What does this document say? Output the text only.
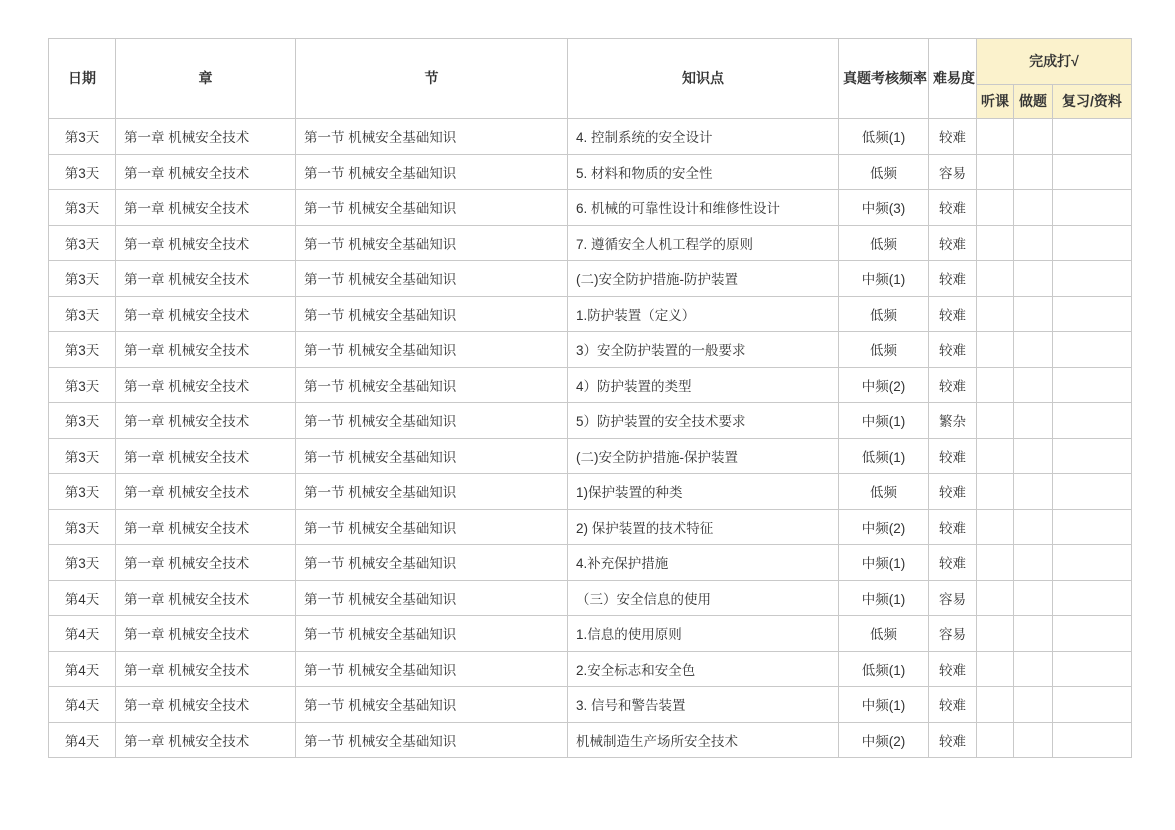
日期	章	节	知识点	真题考核频率	难易度	完成打√		
						听课	做题	复习/资料
第3天	第一章 机械安全技术	第一节 机械安全基础知识	4. 控制系统的安全设计	低频(1)	较难			
第3天	第一章 机械安全技术	第一节 机械安全基础知识	5. 材料和物质的安全性	低频	容易			
第3天	第一章 机械安全技术	第一节 机械安全基础知识	6. 机械的可靠性设计和维修性设计	中频(3)	较难			
第3天	第一章 机械安全技术	第一节 机械安全基础知识	7. 遵循安全人机工程学的原则	低频	较难			
第3天	第一章 机械安全技术	第一节 机械安全基础知识	(二)安全防护措施-防护装置	中频(1)	较难			
第3天	第一章 机械安全技术	第一节 机械安全基础知识	1.防护装置（定义）	低频	较难			
第3天	第一章 机械安全技术	第一节 机械安全基础知识	3）安全防护装置的一般要求	低频	较难			
第3天	第一章 机械安全技术	第一节 机械安全基础知识	4）防护装置的类型	中频(2)	较难			
第3天	第一章 机械安全技术	第一节 机械安全基础知识	5）防护装置的安全技术要求	中频(1)	繁杂			
第3天	第一章 机械安全技术	第一节 机械安全基础知识	(二)安全防护措施-保护装置	低频(1)	较难			
第3天	第一章 机械安全技术	第一节 机械安全基础知识	1)保护装置的种类	低频	较难			
第3天	第一章 机械安全技术	第一节 机械安全基础知识	2) 保护装置的技术特征	中频(2)	较难			
第3天	第一章 机械安全技术	第一节 机械安全基础知识	4.补充保护措施	中频(1)	较难			
第4天	第一章 机械安全技术	第一节 机械安全基础知识	（三）安全信息的使用	中频(1)	容易			
第4天	第一章 机械安全技术	第一节 机械安全基础知识	1.信息的使用原则	低频	容易			
第4天	第一章 机械安全技术	第一节 机械安全基础知识	2.安全标志和安全色	低频(1)	较难			
第4天	第一章 机械安全技术	第一节 机械安全基础知识	3. 信号和警告装置	中频(1)	较难			
第4天	第一章 机械安全技术	第一节 机械安全基础知识	机械制造生产场所安全技术	中频(2)	较难			
